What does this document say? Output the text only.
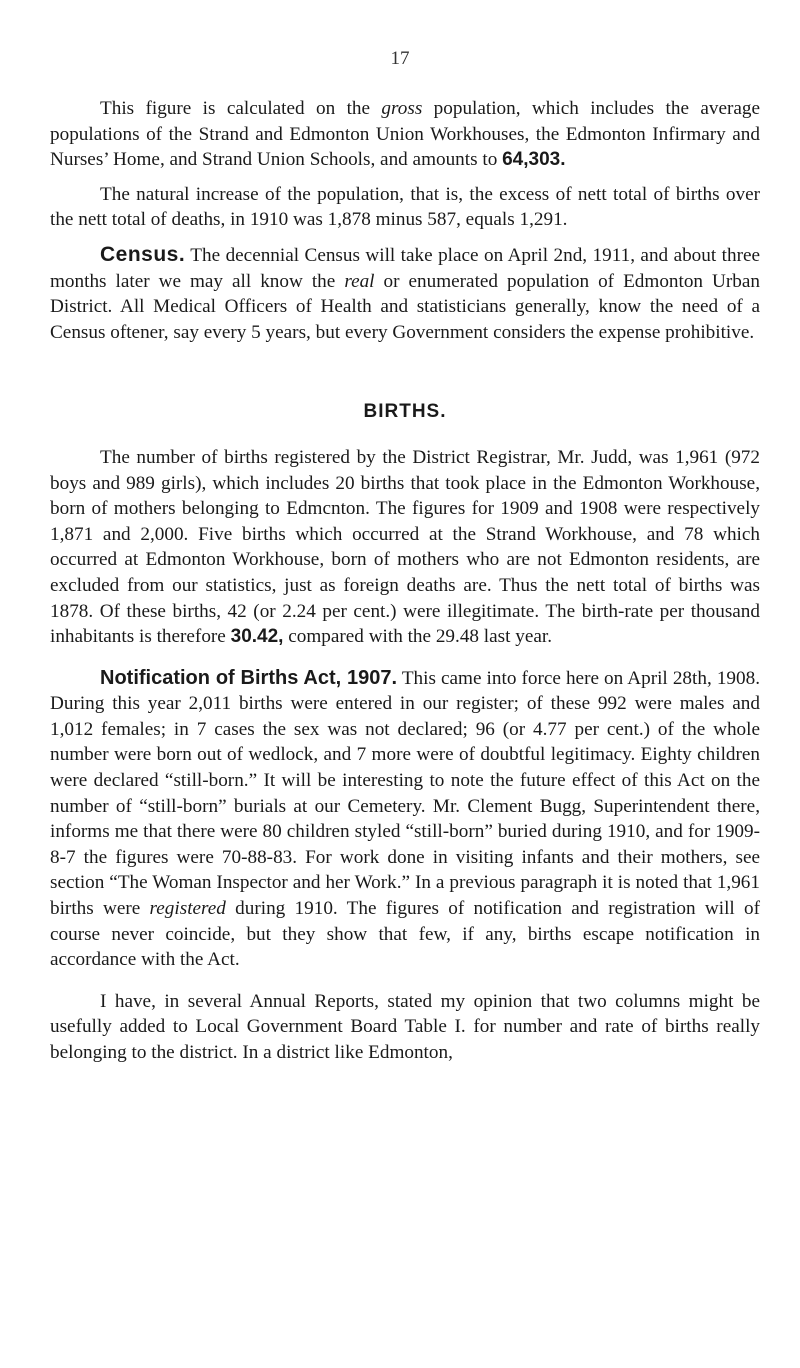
17

This figure is calculated on the gross population, which includes the average populations of the Strand and Edmonton Union Workhouses, the Edmonton Infirmary and Nurses’ Home, and Strand Union Schools, and amounts to 64,303.

The natural increase of the population, that is, the excess of nett total of births over the nett total of deaths, in 1910 was 1,878 minus 587, equals 1,291.

Census. The decennial Census will take place on April 2nd, 1911, and about three months later we may all know the real or enumerated population of Edmonton Urban District. All Medical Officers of Health and statisticians generally, know the need of a Census oftener, say every 5 years, but every Government considers the expense prohibitive.

BIRTHS.

The number of births registered by the District Registrar, Mr. Judd, was 1,961 (972 boys and 989 girls), which includes 20 births that took place in the Edmonton Workhouse, born of mothers belonging to Edmcnton. The figures for 1909 and 1908 were respectively 1,871 and 2,000. Five births which occurred at the Strand Workhouse, and 78 which occurred at Edmonton Workhouse, born of mothers who are not Edmonton residents, are excluded from our statistics, just as foreign deaths are. Thus the nett total of births was 1878. Of these births, 42 (or 2.24 per cent.) were illegitimate. The birth-rate per thousand inhabitants is therefore 30.42, compared with the 29.48 last year.

Notification of Births Act, 1907. This came into force here on April 28th, 1908. During this year 2,011 births were entered in our register; of these 992 were males and 1,012 females; in 7 cases the sex was not declared; 96 (or 4.77 per cent.) of the whole number were born out of wedlock, and 7 more were of doubtful legitimacy. Eighty children were declared “still-born.” It will be interesting to note the future effect of this Act on the number of “still-born” burials at our Cemetery. Mr. Clement Bugg, Superintendent there, informs me that there were 80 children styled “still-born” buried during 1910, and for 1909-8-7 the figures were 70-88-83. For work done in visiting infants and their mothers, see section “The Woman Inspector and her Work.” In a previous paragraph it is noted that 1,961 births were registered during 1910. The figures of notification and registration will of course never coincide, but they show that few, if any, births escape notification in accordance with the Act.

I have, in several Annual Reports, stated my opinion that two columns might be usefully added to Local Government Board Table I. for number and rate of births really belonging to the district. In a district like Edmonton,
